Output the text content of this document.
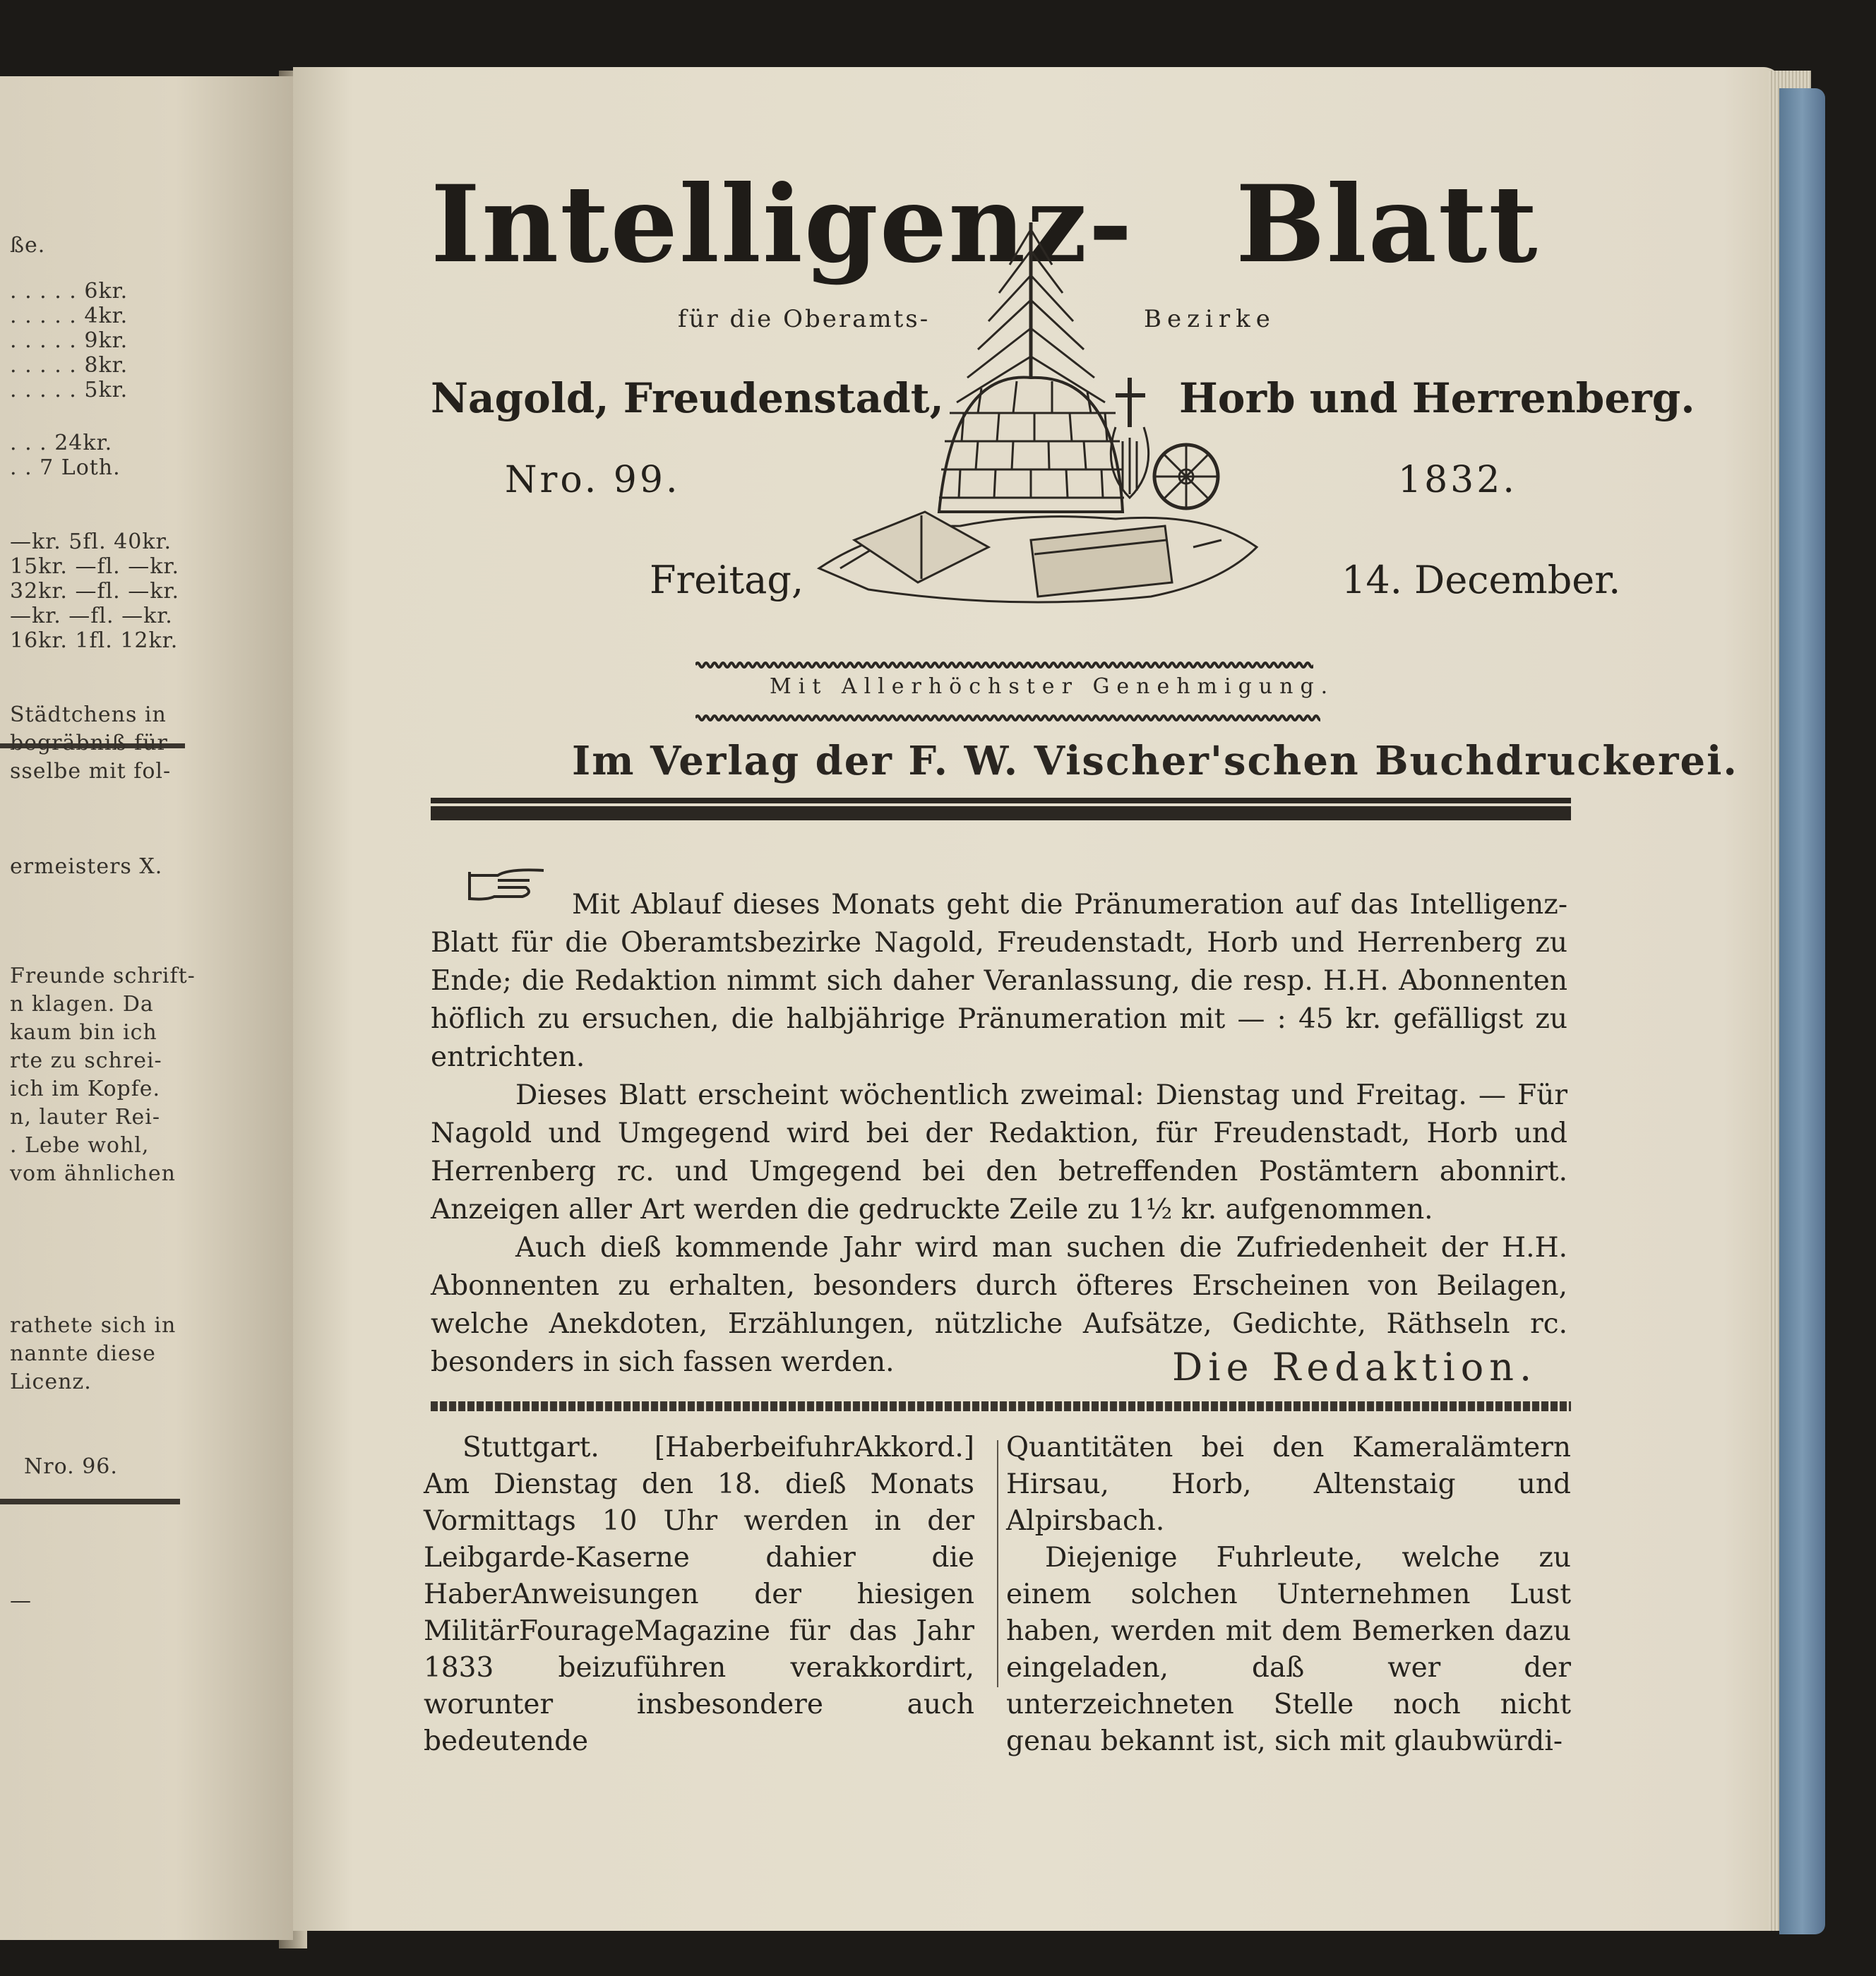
ße.
. . . . . 6kr.
. . . . . 4kr.
. . . . . 9kr.
. . . . . 8kr.
. . . . . 5kr.
. . . 24kr.
. . 7 Loth.
—kr. 5fl. 40kr.
15kr. —fl. —kr.
32kr. —fl. —kr.
—kr. —fl. —kr.
16kr. 1fl. 12kr.
Städtchens in
begräbniß für
sselbe mit fol-
ermeisters X.
Freunde schrift-
n klagen. Da
kaum bin ich
rte zu schrei-
ich im Kopfe.
n, lauter Rei-
. Lebe wohl,
vom ähnlichen
rathete sich in
nannte diese
Licenz.
Nro. 96.
—
Intelligenz- Blatt
für die Oberamts-	Bezirke
Nagold, Freudenstadt,	Horb und Herrenberg.
Nro. 99.	1832.
Freitag,	14. December.
Mit Allerhöchster Genehmigung.
Im Verlag der F. W. Vischer'schen Buchdruckerei.

Mit Ablauf dieses Monats geht die Pränumeration auf das Intelligenz-Blatt für die Oberamtsbezirke Nagold, Freudenstadt, Horb und Herrenberg zu Ende; die Redaktion nimmt sich daher Veranlassung, die resp. H.H. Abonnenten höflich zu ersuchen, die halbjährige Pränumeration mit — : 45 kr. gefälligst zu entrichten.

Dieses Blatt erscheint wöchentlich zweimal: Dienstag und Freitag. — Für Nagold und Umgegend wird bei der Redaktion, für Freudenstadt, Horb und Herrenberg rc. und Umgegend bei den betreffenden Postämtern abonnirt. Anzeigen aller Art werden die gedruckte Zeile zu 1½ kr. aufgenommen.

Auch dieß kommende Jahr wird man suchen die Zufriedenheit der H.H. Abonnenten zu erhalten, besonders durch öfteres Erscheinen von Beilagen, welche Anekdoten, Erzählungen, nützliche Aufsätze, Gedichte, Räthseln rc. besonders in sich fassen werden.	Die Redaktion.

Stuttgart. [HaberbeifuhrAkkord.] Am Dienstag den 18. dieß Monats Vormittags 10 Uhr werden in der Leibgarde-Kaserne dahier die HaberAnweisungen der hiesigen MilitärFourageMagazine für das Jahr 1833 beizuführen verakkordirt, worunter insbesondere auch bedeutende

Quantitäten bei den Kameralämtern Hirsau, Horb, Altenstaig und Alpirsbach.

Diejenige Fuhrleute, welche zu einem solchen Unternehmen Lust haben, werden mit dem Bemerken dazu eingeladen, daß wer der unterzeichneten Stelle noch nicht genau bekannt ist, sich mit glaubwürdi-
